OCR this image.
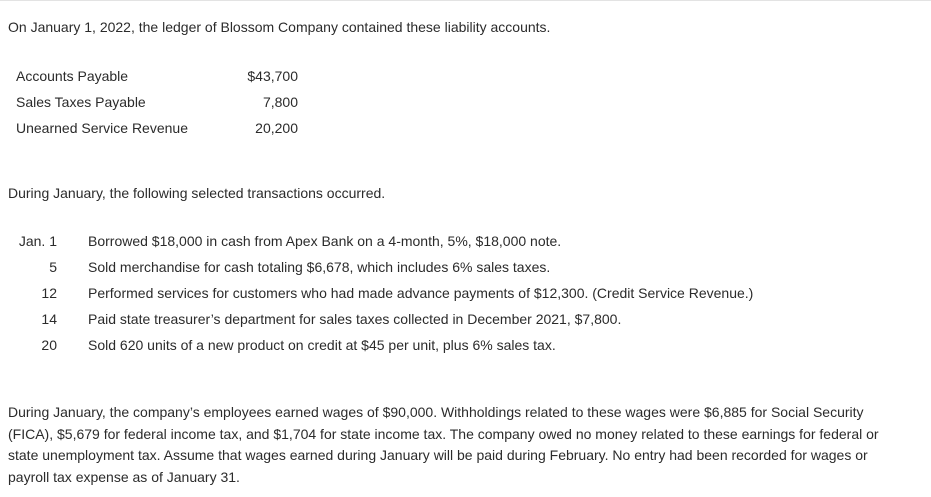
On January 1, 2022, the ledger of Blossom Company contained these liability accounts.
Accounts Payable	$43,700
Sales Taxes Payable	7,800
Unearned Service Revenue	20,200
During January, the following selected transactions occurred.
Jan. 1		Borrowed $18,000 in cash from Apex Bank on a 4-month, 5%, $18,000 note.
5		Sold merchandise for cash totaling $6,678, which includes 6% sales taxes.
12		Performed services for customers who had made advance payments of $12,300. (Credit Service Revenue.)
14		Paid state treasurer’s department for sales taxes collected in December 2021, $7,800.
20		Sold 620 units of a new product on credit at $45 per unit, plus 6% sales tax.
During January, the company’s employees earned wages of $90,000. Withholdings related to these wages were $6,885 for Social Security (FICA), $5,679 for federal income tax, and $1,704 for state income tax. The company owed no money related to these earnings for federal or state unemployment tax. Assume that wages earned during January will be paid during February. No entry had been recorded for wages or payroll tax expense as of January 31.
